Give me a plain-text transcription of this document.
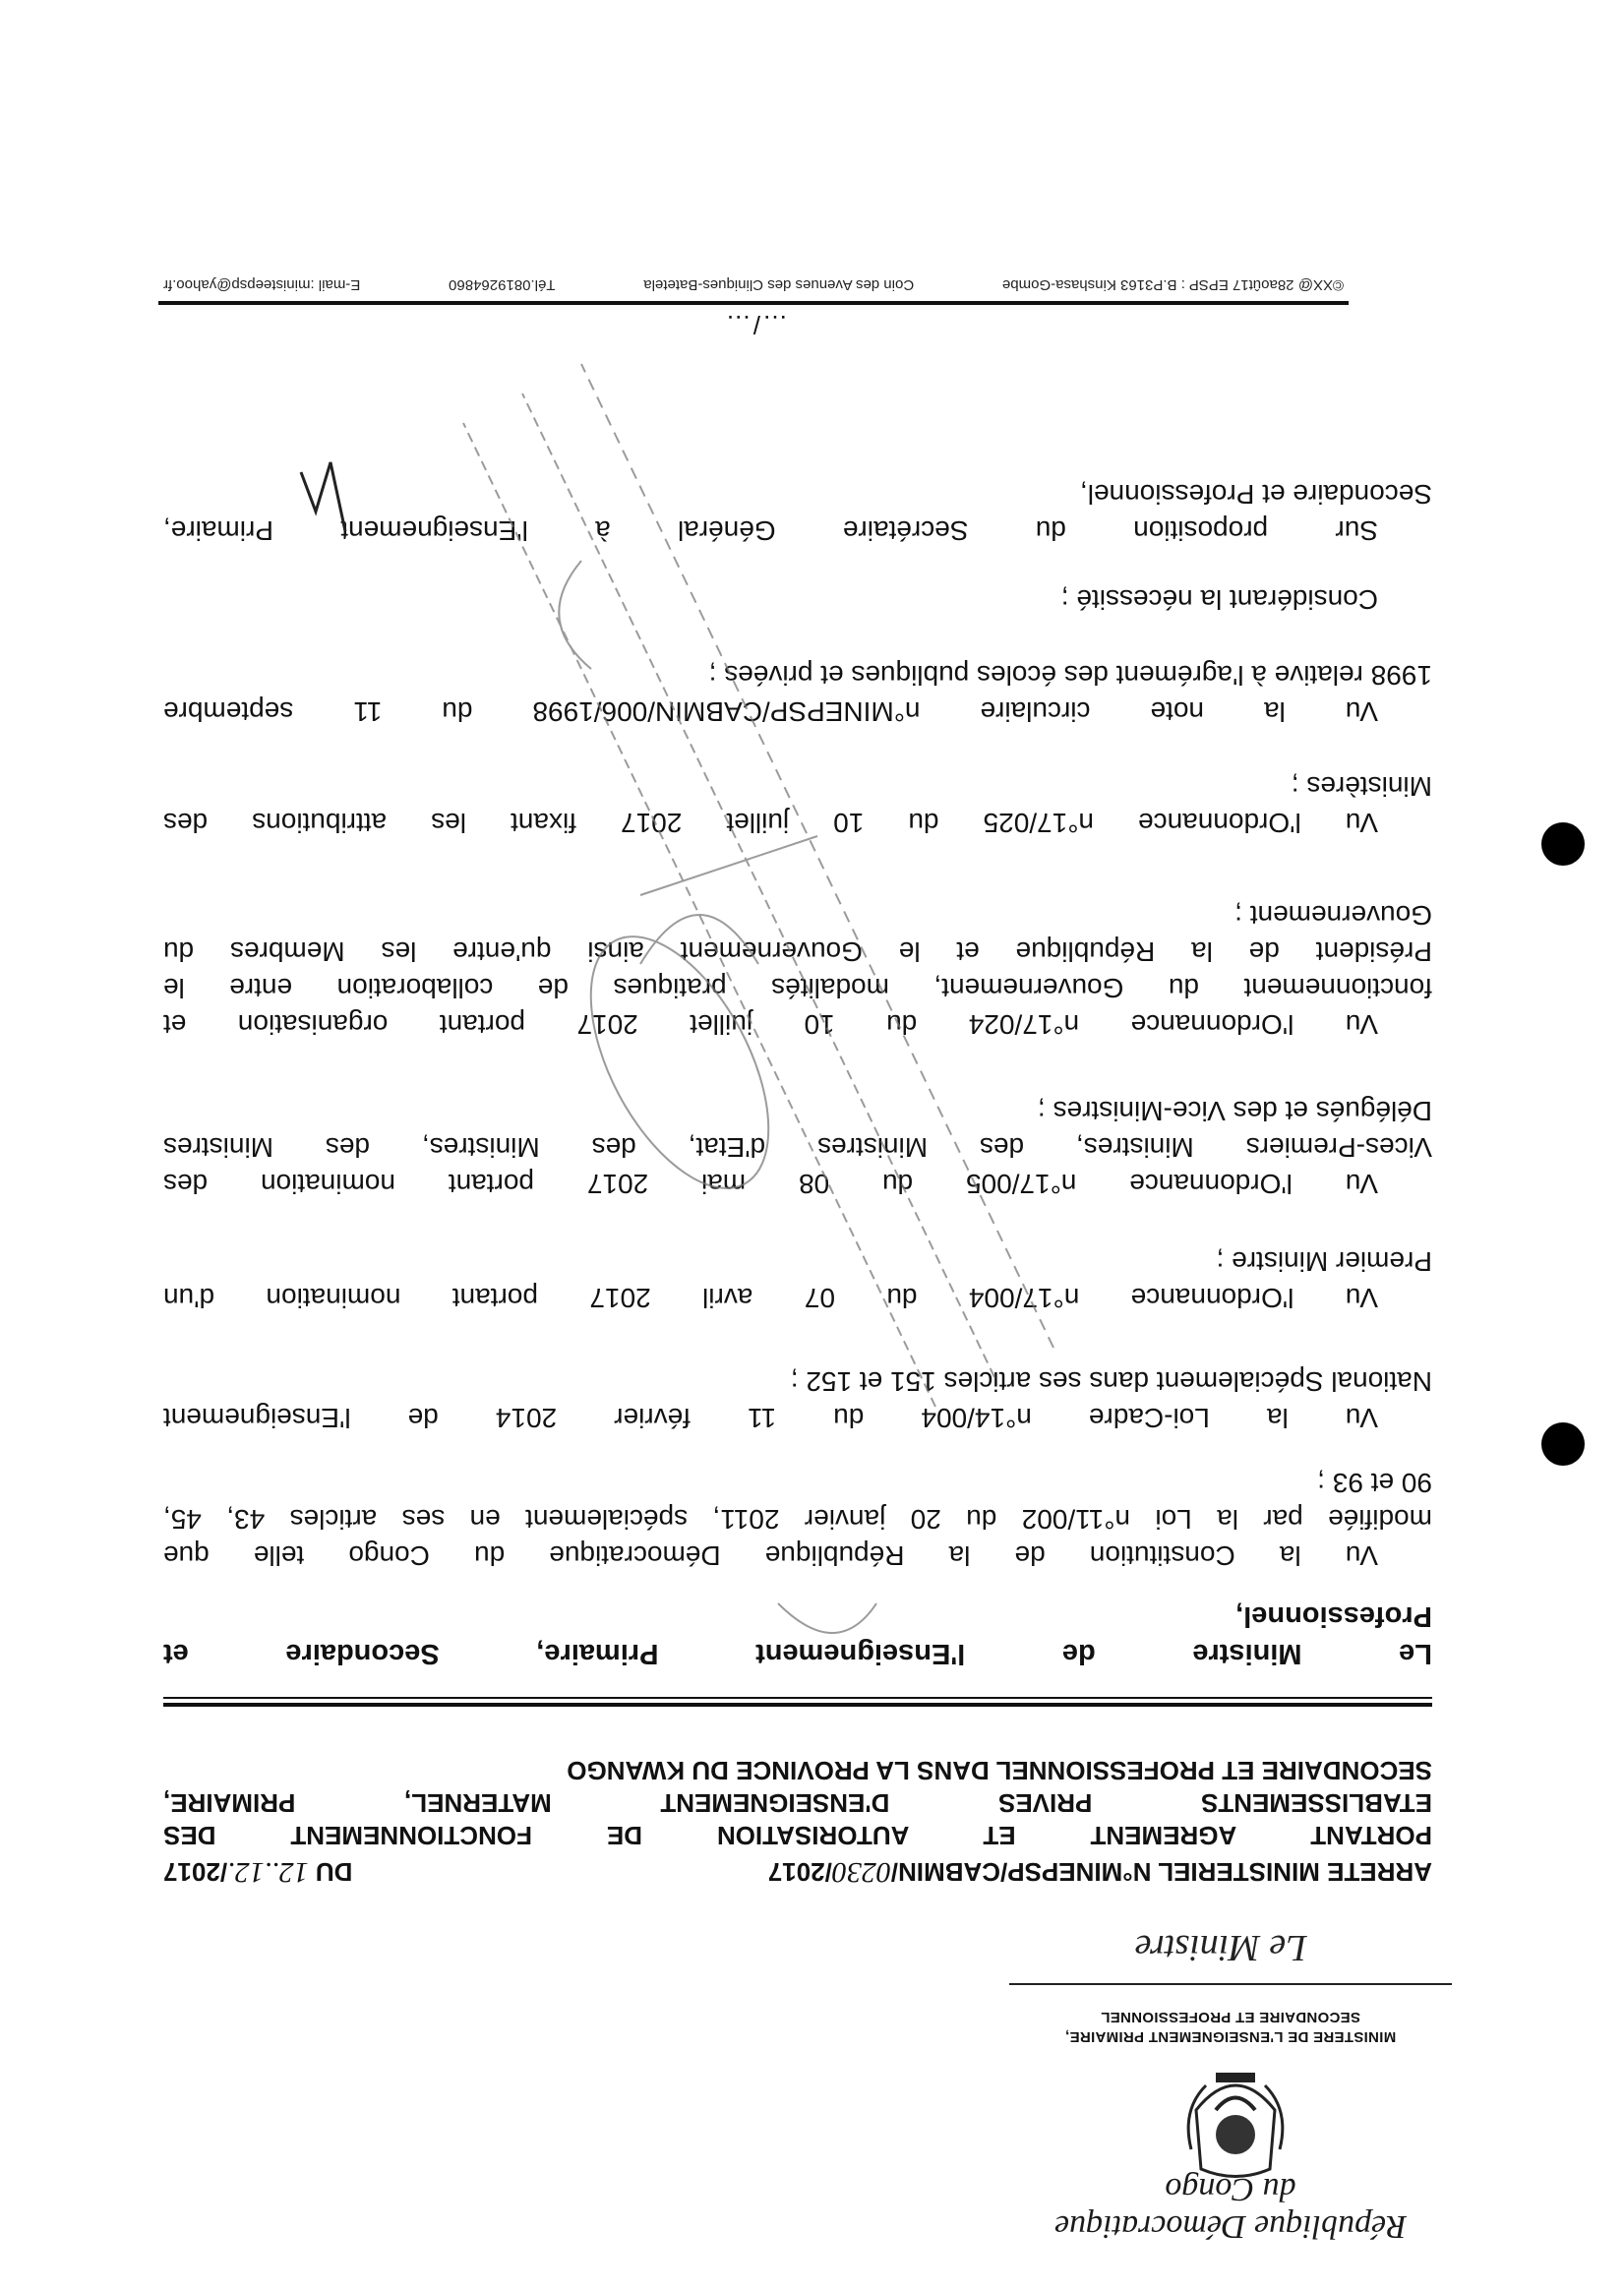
République Démocratique du Congo
MINISTERE DE L'ENSEIGNEMENT PRIMAIRE,
SECONDAIRE ET PROFESSIONNEL
Le Ministre
ARRETE MINISTERIEL N°MINEPSP/CABMIN/0230/2017
DU 12..12./2017
PORTANT AGREMENT ET AUTORISATION DE FONCTIONNEMENT DES
ETABLISSEMENTS PRIVES D'ENSEIGNEMENT MATERNEL, PRIMAIRE,
SECONDAIRE ET PROFESSIONNEL DANS LA PROVINCE DU KWANGO
Le Ministre de l'Enseignement Primaire, Secondaire et
Professionnel,
Vu la Constitution de la République Démocratique du Congo telle que
modifiée par la Loi n°11/002 du 20 janvier 2011, spécialement en ses articles 43, 45,
90 et 93 ;
Vu la Loi-Cadre n°14/004 du 11 février 2014 de l'Enseignement
National Spécialement dans ses articles 151 et 152 ;
Vu l'Ordonnance n°17/004 du 07 avril 2017 portant nomination d'un
Premier Ministre ;
Vu l'Ordonnance n°17/005 du 08 mai 2017 portant nomination des
Vices-Premiers Ministres, des Ministres d'Etat, des Ministres, des Ministres
Délégués et des Vice-Ministres ;
Vu l'Ordonnance n°17/024 du 10 juillet 2017 portant organisation et
fonctionnement du Gouvernement, modalités pratiques de collaboration entre le
Président de la République et le Gouvernement ainsi qu'entre les Membres du
Gouvernement ;
Vu l'Ordonnance n°17/025 du 10 juillet 2017 fixant les attributions des
Ministères ;
Vu la note circulaire n°MINEPSP/CABMIN/006/1998 du 11 septembre
1998 relative à l'agrément des écoles publiques et privées ;
Considérant la nécessité ;
Sur proposition du Secrétaire Général à l'Enseignement Primaire,
Secondaire et Professionnel,
…/…
©XX@ 28août17 EPSP : B.P3163 Kinshasa-Gombe
Coin des Avenues des Cliniques-Batetela
Tél.0819264860
E-mail :ministeepsp@yahoo.fr
